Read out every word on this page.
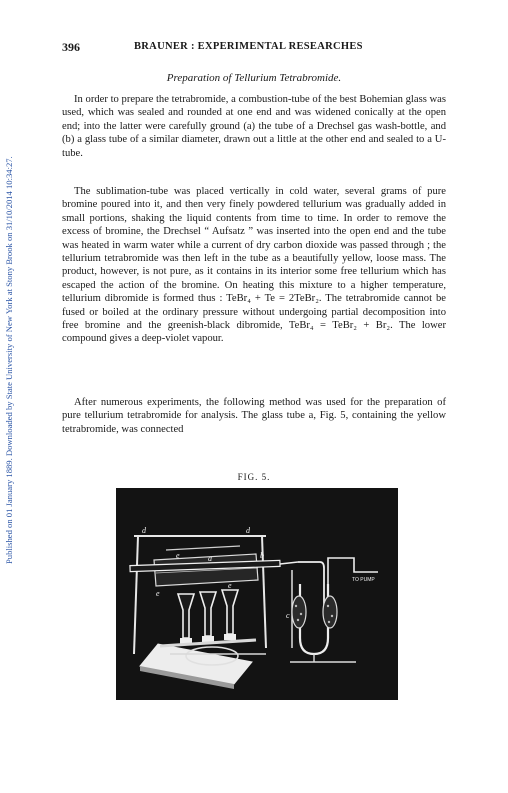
Published on 01 January 1889. Downloaded by State University of New York at Stony Brook on 31/10/2014 10:34:27.
396	BRAUNER : EXPERIMENTAL RESEARCHES
Preparation of Tellurium Tetrabromide.

In order to prepare the tetrabromide, a combustion-tube of the best Bohemian glass was used, which was sealed and rounded at one end and was widened conically at the open end; into the latter were carefully ground (a) the tube of a Drechsel gas wash-bottle, and (b) a glass tube of a similar diameter, drawn out a little at the other end and sealed to a U-tube.

The sublimation-tube was placed vertically in cold water, several grams of pure bromine poured into it, and then very finely powdered tellurium was gradually added in small portions, shaking the liquid contents from time to time. In order to remove the excess of bromine, the Drechsel “ Aufsatz ” was inserted into the open end and the tube was heated in warm water while a current of dry carbon dioxide was passed through ; the tellurium tetrabromide was then left in the tube as a beautifully yellow, loose mass. The product, however, is not pure, as it contains in its interior some free tellurium which has escaped the action of the bromine. On heating this mixture to a higher temperature, tellurium dibromide is formed thus : TeBr₄ + Te = 2TeBr₂. The tetrabromide cannot be fused or boiled at the ordinary pressure without undergoing partial decomposition into free bromine and the greenish-black dibromide, TeBr₄ = TeBr₂ + Br₂. The lower compound gives a deep-violet vapour.

After numerous experiments, the following method was used for the preparation of pure tellurium tetrabromide for analysis. The glass tube a, Fig. 5, containing the yellow tetrabromide, was connected

FIG. 5.
d	d
e	b
a
e
e
c
TO PUMP
